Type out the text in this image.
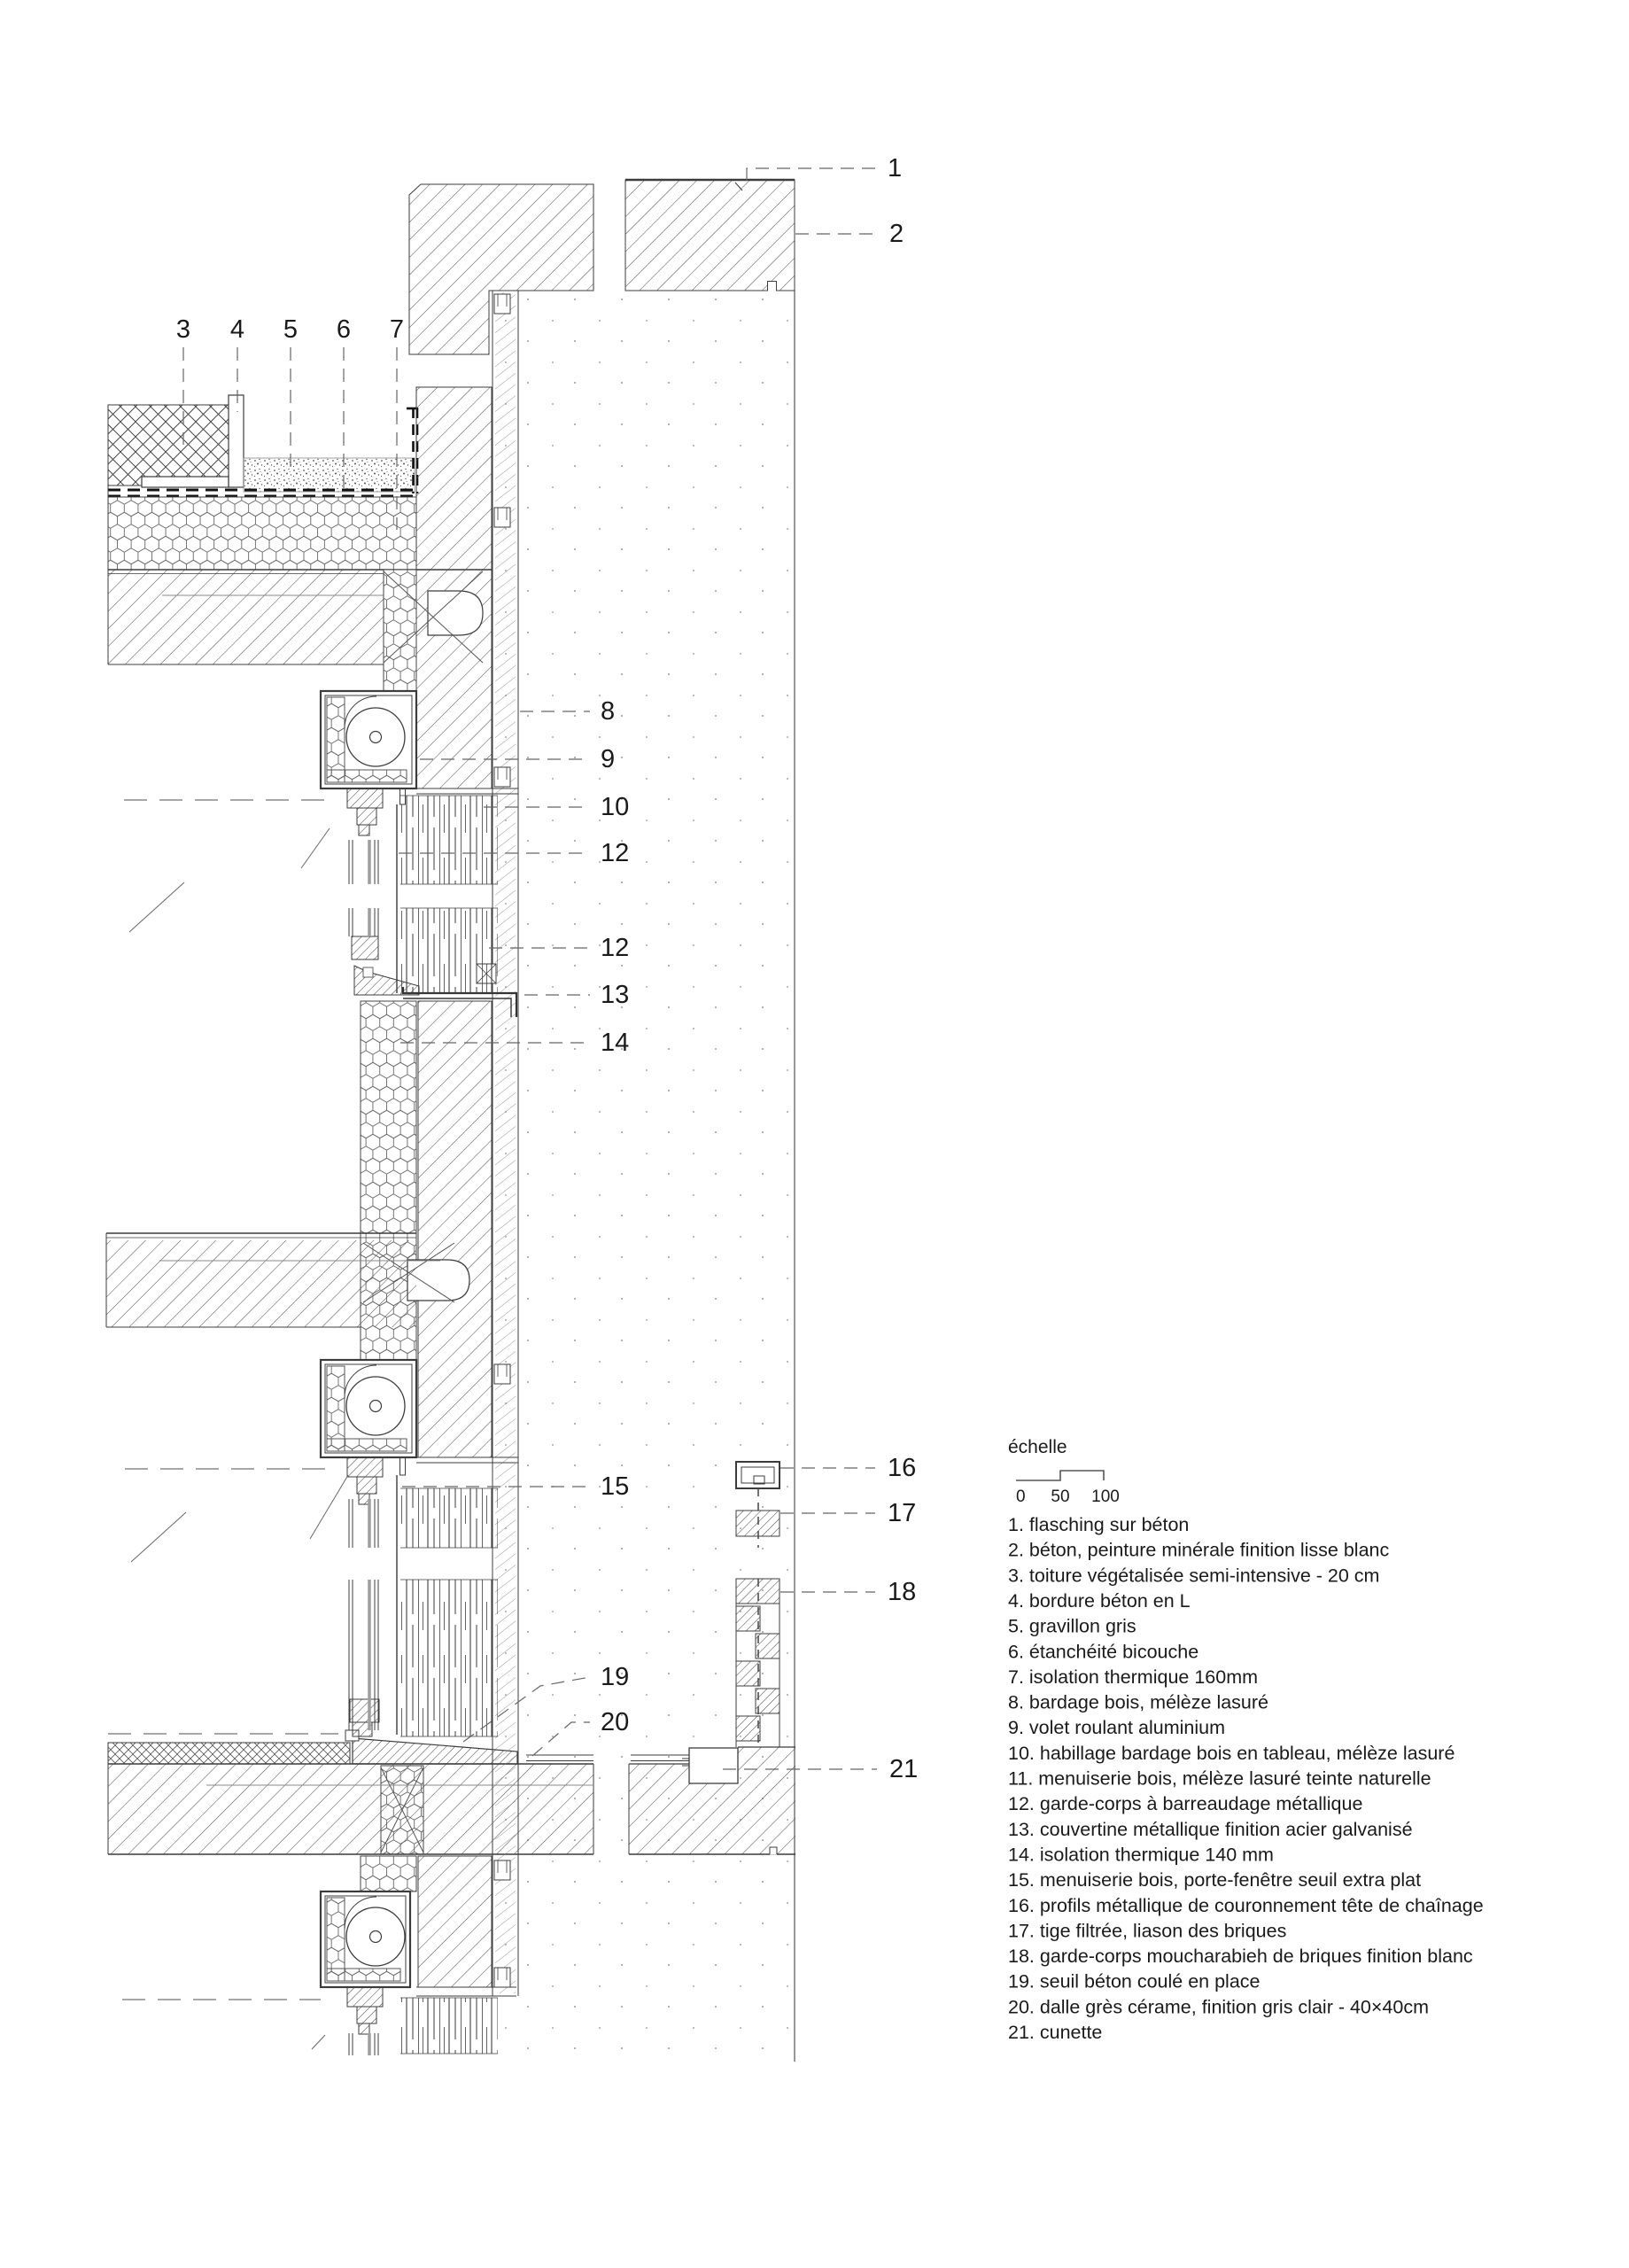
1
2
3 4 5 6 7
8
9
10
12
12
13
14
15
16
17
18
19
20
21
échelle
0 50 100
1. flasching sur béton
2. béton, peinture minérale finition lisse blanc
3. toiture végétalisée semi-intensive - 20 cm
4. bordure béton en L
5. gravillon gris
6. étanchéité bicouche
7. isolation thermique 160mm
8. bardage bois, mélèze lasuré
9. volet roulant aluminium
10. habillage bardage bois en tableau, mélèze lasuré
11. menuiserie bois, mélèze lasuré teinte naturelle
12. garde-corps à barreaudage métallique
13. couvertine métallique finition acier galvanisé
14. isolation thermique 140 mm
15. menuiserie bois, porte-fenêtre seuil extra plat
16. profils métallique de couronnement tête de chaînage
17. tige filtrée, liason des briques
18. garde-corps moucharabieh de briques finition blanc
19. seuil béton coulé en place
20. dalle grès cérame, finition gris clair - 40×40cm
21. cunette
